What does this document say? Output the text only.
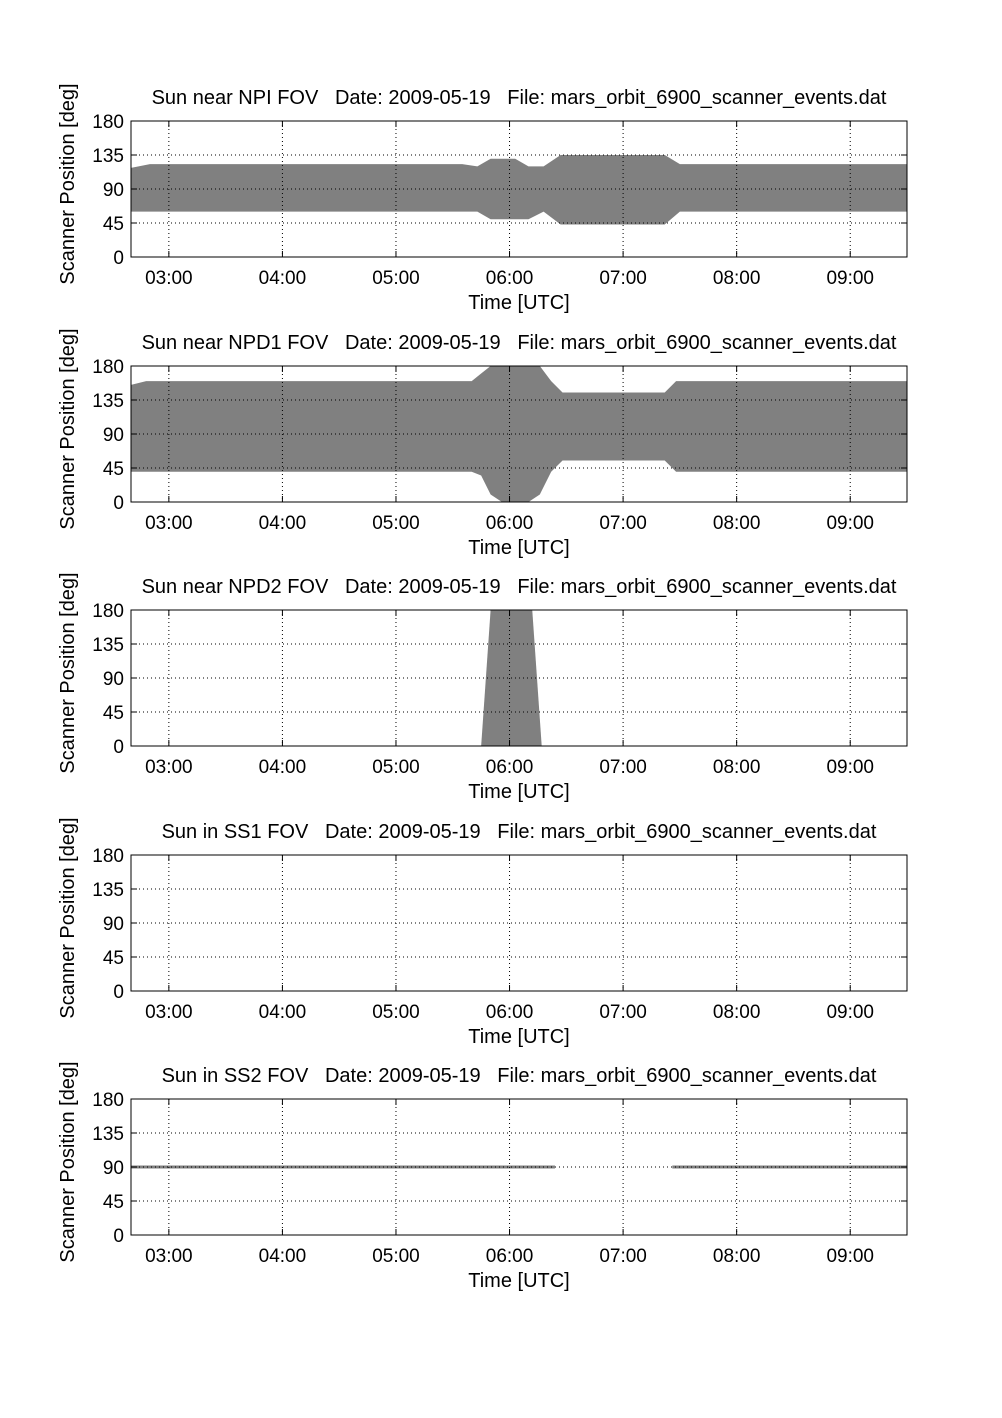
03:00	04:00	05:00	06:00	07:00	08:00	09:00
0
45
90
135
180
Sun near NPI FOV   Date: 2009-05-19   File: mars_orbit_6900_scanner_events.dat
Time [UTC]
Scanner Position [deg]
03:00	04:00	05:00	06:00	07:00	08:00	09:00
0
45
90
135
180
Sun near NPD1 FOV   Date: 2009-05-19   File: mars_orbit_6900_scanner_events.dat
Time [UTC]
Scanner Position [deg]
03:00	04:00	05:00	06:00	07:00	08:00	09:00
0
45
90
135
180
Sun near NPD2 FOV   Date: 2009-05-19   File: mars_orbit_6900_scanner_events.dat
Time [UTC]
Scanner Position [deg]
03:00	04:00	05:00	06:00	07:00	08:00	09:00
0
45
90
135
180
Sun in SS1 FOV   Date: 2009-05-19   File: mars_orbit_6900_scanner_events.dat
Time [UTC]
Scanner Position [deg]
03:00	04:00	05:00	06:00	07:00	08:00	09:00
0
45
90
135
180
Sun in SS2 FOV   Date: 2009-05-19   File: mars_orbit_6900_scanner_events.dat
Time [UTC]
Scanner Position [deg]
